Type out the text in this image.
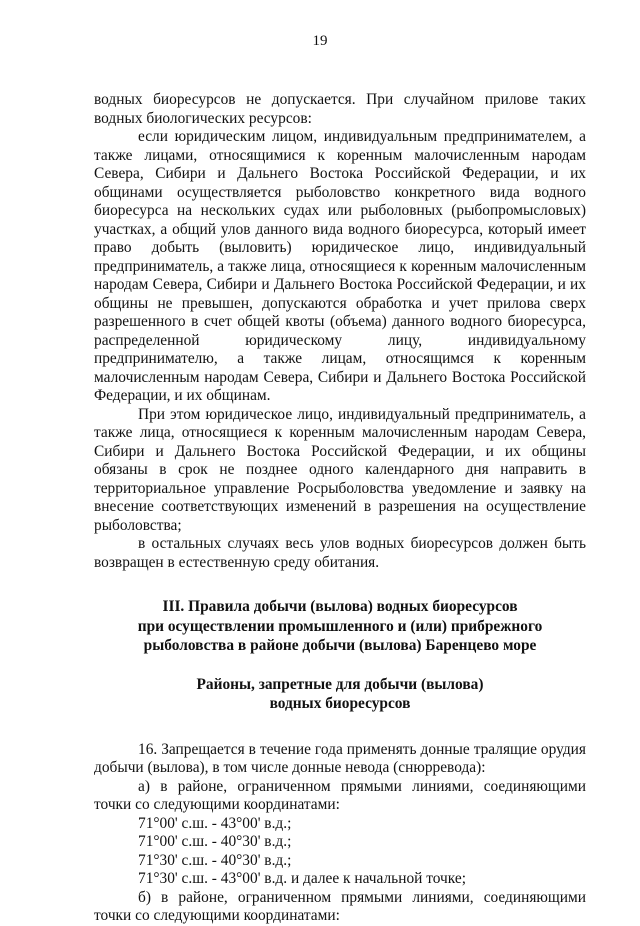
19

водных биоресурсов не допускается. При случайном прилове таких водных биологических ресурсов:

если юридическим лицом, индивидуальным предпринимателем, а также лицами, относящимися к коренным малочисленным народам Севера, Сибири и Дальнего Востока Российской Федерации, и их общинами осуществляется рыболовство конкретного вида водного биоресурса на нескольких судах или рыболовных (рыбопромысловых) участках, а общий улов данного вида водного биоресурса, который имеет право добыть (выловить) юридическое лицо, индивидуальный предприниматель, а также лица, относящиеся к коренным малочисленным народам Севера, Сибири и Дальнего Востока Российской Федерации, и их общины не превышен, допускаются обработка и учет прилова сверх разрешенного в счет общей квоты (объема) данного водного биоресурса, распределенной юридическому лицу, индивидуальному предпринимателю, а также лицам, относящимся к коренным малочисленным народам Севера, Сибири и Дальнего Востока Российской Федерации, и их общинам.

При этом юридическое лицо, индивидуальный предприниматель, а также лица, относящиеся к коренным малочисленным народам Севера, Сибири и Дальнего Востока Российской Федерации, и их общины обязаны в срок не позднее одного календарного дня направить в территориальное управление Росрыболовства уведомление и заявку на внесение соответствующих изменений в разрешения на осуществление рыболовства;

в остальных случаях весь улов водных биоресурсов должен быть возвращен в естественную среду обитания.

III. Правила добычи (вылова) водных биоресурсов

при осуществлении промышленного и (или) прибрежного

рыболовства в районе добычи (вылова) Баренцево море

Районы, запретные для добычи (вылова)

водных биоресурсов

16. Запрещается в течение года применять донные тралящие орудия добычи (вылова), в том числе донные невода (снюрревода):

а) в районе, ограниченном прямыми линиями, соединяющими точки со следующими координатами:

71°00' с.ш. - 43°00' в.д.;

71°00' с.ш. - 40°30' в.д.;

71°30' с.ш. - 40°30' в.д.;

71°30' с.ш. - 43°00' в.д. и далее к начальной точке;

б) в районе, ограниченном прямыми линиями, соединяющими точки со следующими координатами:
